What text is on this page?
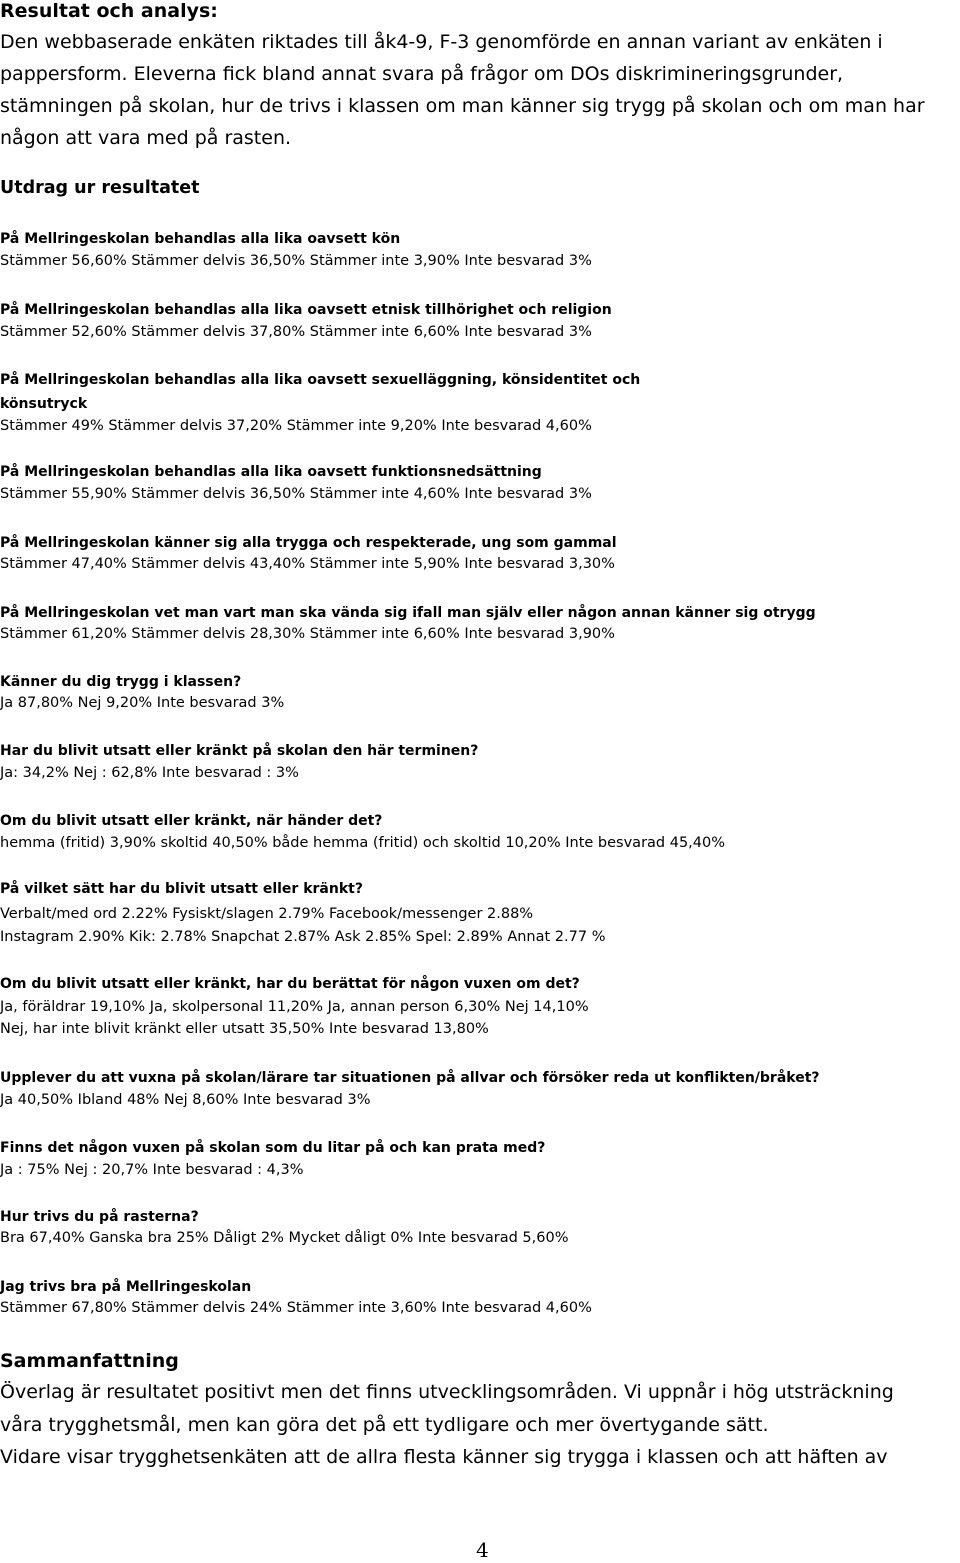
Resultat och analys:
Den webbaserade enkäten riktades till åk4-9, F-3 genomförde en annan variant av enkäten i pappersform. Eleverna fick bland annat svara på frågor om DOs diskrimineringsgrunder, stämningen på skolan, hur de trivs i klassen om man känner sig trygg på skolan och om man har någon att vara med på rasten.
Utdrag ur resultatet
På Mellringeskolan behandlas alla lika oavsett kön
Stämmer 56,60% Stämmer delvis 36,50% Stämmer inte 3,90% Inte besvarad 3%
På Mellringeskolan behandlas alla lika oavsett etnisk tillhörighet och religion
Stämmer 52,60% Stämmer delvis 37,80% Stämmer inte 6,60% Inte besvarad 3%
På Mellringeskolan behandlas alla lika oavsett sexuelläggning, könsidentitet och
könsutryck
Stämmer 49% Stämmer delvis 37,20% Stämmer inte 9,20% Inte besvarad 4,60%
På Mellringeskolan behandlas alla lika oavsett funktionsnedsättning
Stämmer 55,90% Stämmer delvis 36,50% Stämmer inte 4,60% Inte besvarad 3%
På Mellringeskolan känner sig alla trygga och respekterade, ung som gammal
Stämmer 47,40% Stämmer delvis 43,40% Stämmer inte 5,90% Inte besvarad 3,30%
På Mellringeskolan vet man vart man ska vända sig ifall man själv eller någon annan känner sig otrygg
Stämmer 61,20% Stämmer delvis 28,30% Stämmer inte 6,60% Inte besvarad 3,90%
Känner du dig trygg i klassen?
Ja 87,80% Nej 9,20% Inte besvarad 3%
Har du blivit utsatt eller kränkt på skolan den här terminen?
Ja: 34,2% Nej : 62,8% Inte besvarad : 3%
Om du blivit utsatt eller kränkt, när händer det?
hemma (fritid) 3,90% skoltid 40,50% både hemma (fritid) och skoltid 10,20% Inte besvarad 45,40%
På vilket sätt har du blivit utsatt eller kränkt?
Verbalt/med ord 2.22% Fysiskt/slagen 2.79% Facebook/messenger 2.88%
Instagram 2.90% Kik: 2.78% Snapchat 2.87% Ask 2.85% Spel: 2.89% Annat 2.77 %
Om du blivit utsatt eller kränkt, har du berättat för någon vuxen om det?
Ja, föräldrar 19,10% Ja, skolpersonal 11,20% Ja, annan person 6,30% Nej 14,10%
Nej, har inte blivit kränkt eller utsatt 35,50% Inte besvarad 13,80%
Upplever du att vuxna på skolan/lärare tar situationen på allvar och försöker reda ut konflikten/bråket?
Ja 40,50% Ibland 48% Nej 8,60% Inte besvarad 3%
Finns det någon vuxen på skolan som du litar på och kan prata med?
Ja : 75% Nej : 20,7% Inte besvarad : 4,3%
Hur trivs du på rasterna?
Bra 67,40% Ganska bra 25% Dåligt 2% Mycket dåligt 0% Inte besvarad 5,60%
Jag trivs bra på Mellringeskolan
Stämmer 67,80% Stämmer delvis 24% Stämmer inte 3,60% Inte besvarad 4,60%
Sammanfattning
Överlag är resultatet positivt men det finns utvecklingsområden. Vi uppnår i hög utsträckning
våra trygghetsmål, men kan göra det på ett tydligare och mer övertygande sätt.
Vidare visar trygghetsenkäten att de allra flesta känner sig trygga i klassen och att häften av
4
